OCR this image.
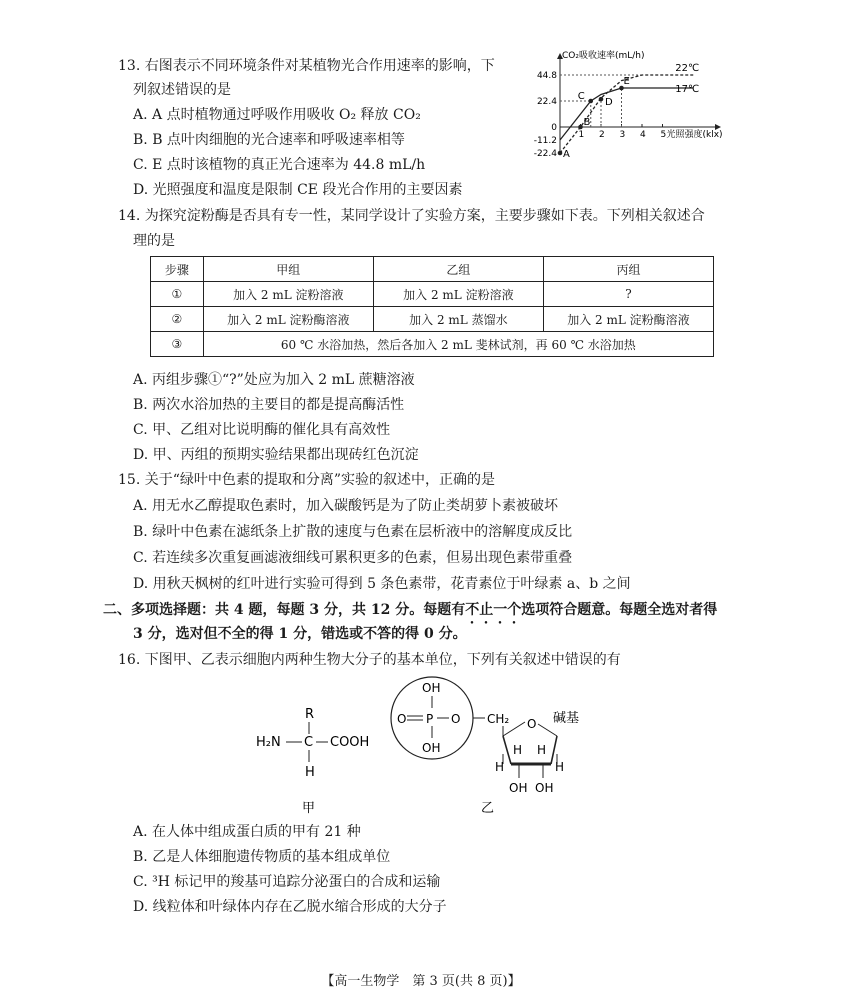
13. 右图表示不同环境条件对某植物光合作用速率的影响，下
列叙述错误的是
A. A 点时植物通过呼吸作用吸收 O₂ 释放 CO₂
B. B 点叶肉细胞的光合速率和呼吸速率相等
C. E 点时该植物的真正光合速率为 44.8 mL/h
D. 光照强度和温度是限制 CE 段光合作用的主要因素
44.8
22.4
0
-11.2
-22.4
1 2 3 4 5
CO₂吸收速率(mL/h)
光照强度(klx)
22℃
17℃
A
B
C
D
E
14. 为探究淀粉酶是否具有专一性，某同学设计了实验方案，主要步骤如下表。下列相关叙述合
理的是
步骤	甲组	乙组	丙组
①	加入 2 mL 淀粉溶液	加入 2 mL 淀粉溶液	?
②	加入 2 mL 淀粉酶溶液	加入 2 mL 蒸馏水	加入 2 mL 淀粉酶溶液
③	60 ℃ 水浴加热，然后各加入 2 mL 斐林试剂，再 60 ℃ 水浴加热		
A. 丙组步骤①“?”处应为加入 2 mL 蔗糖溶液
B. 两次水浴加热的主要目的都是提高酶活性
C. 甲、乙组对比说明酶的催化具有高效性
D. 甲、丙组的预期实验结果都出现砖红色沉淀
15. 关于“绿叶中色素的提取和分离”实验的叙述中，正确的是
A. 用无水乙醇提取色素时，加入碳酸钙是为了防止类胡萝卜素被破坏
B. 绿叶中色素在滤纸条上扩散的速度与色素在层析液中的溶解度成反比
C. 若连续多次重复画滤液细线可累积更多的色素，但易出现色素带重叠
D. 用秋天枫树的红叶进行实验可得到 5 条色素带，花青素位于叶绿素 a、b 之间
二、多项选择题：共 4 题，每题 3 分，共 12 分。每题有不止一个选项符合题意。每题全选对者得
3 分，选对但不全的得 1 分，错选或不答的得 0 分。
16. 下图甲、乙表示细胞内两种生物大分子的基本单位，下列有关叙述中错误的有
R
H₂N C COOH
H
甲
OH
O P O
OH
CH₂ O 碱基
H H
H	H
OH OH
乙
A. 在人体中组成蛋白质的甲有 21 种
B. 乙是人体细胞遗传物质的基本组成单位
C. ³H 标记甲的羧基可追踪分泌蛋白的合成和运输
D. 线粒体和叶绿体内存在乙脱水缩合形成的大分子
【高一生物学　第 3 页(共 8 页)】
